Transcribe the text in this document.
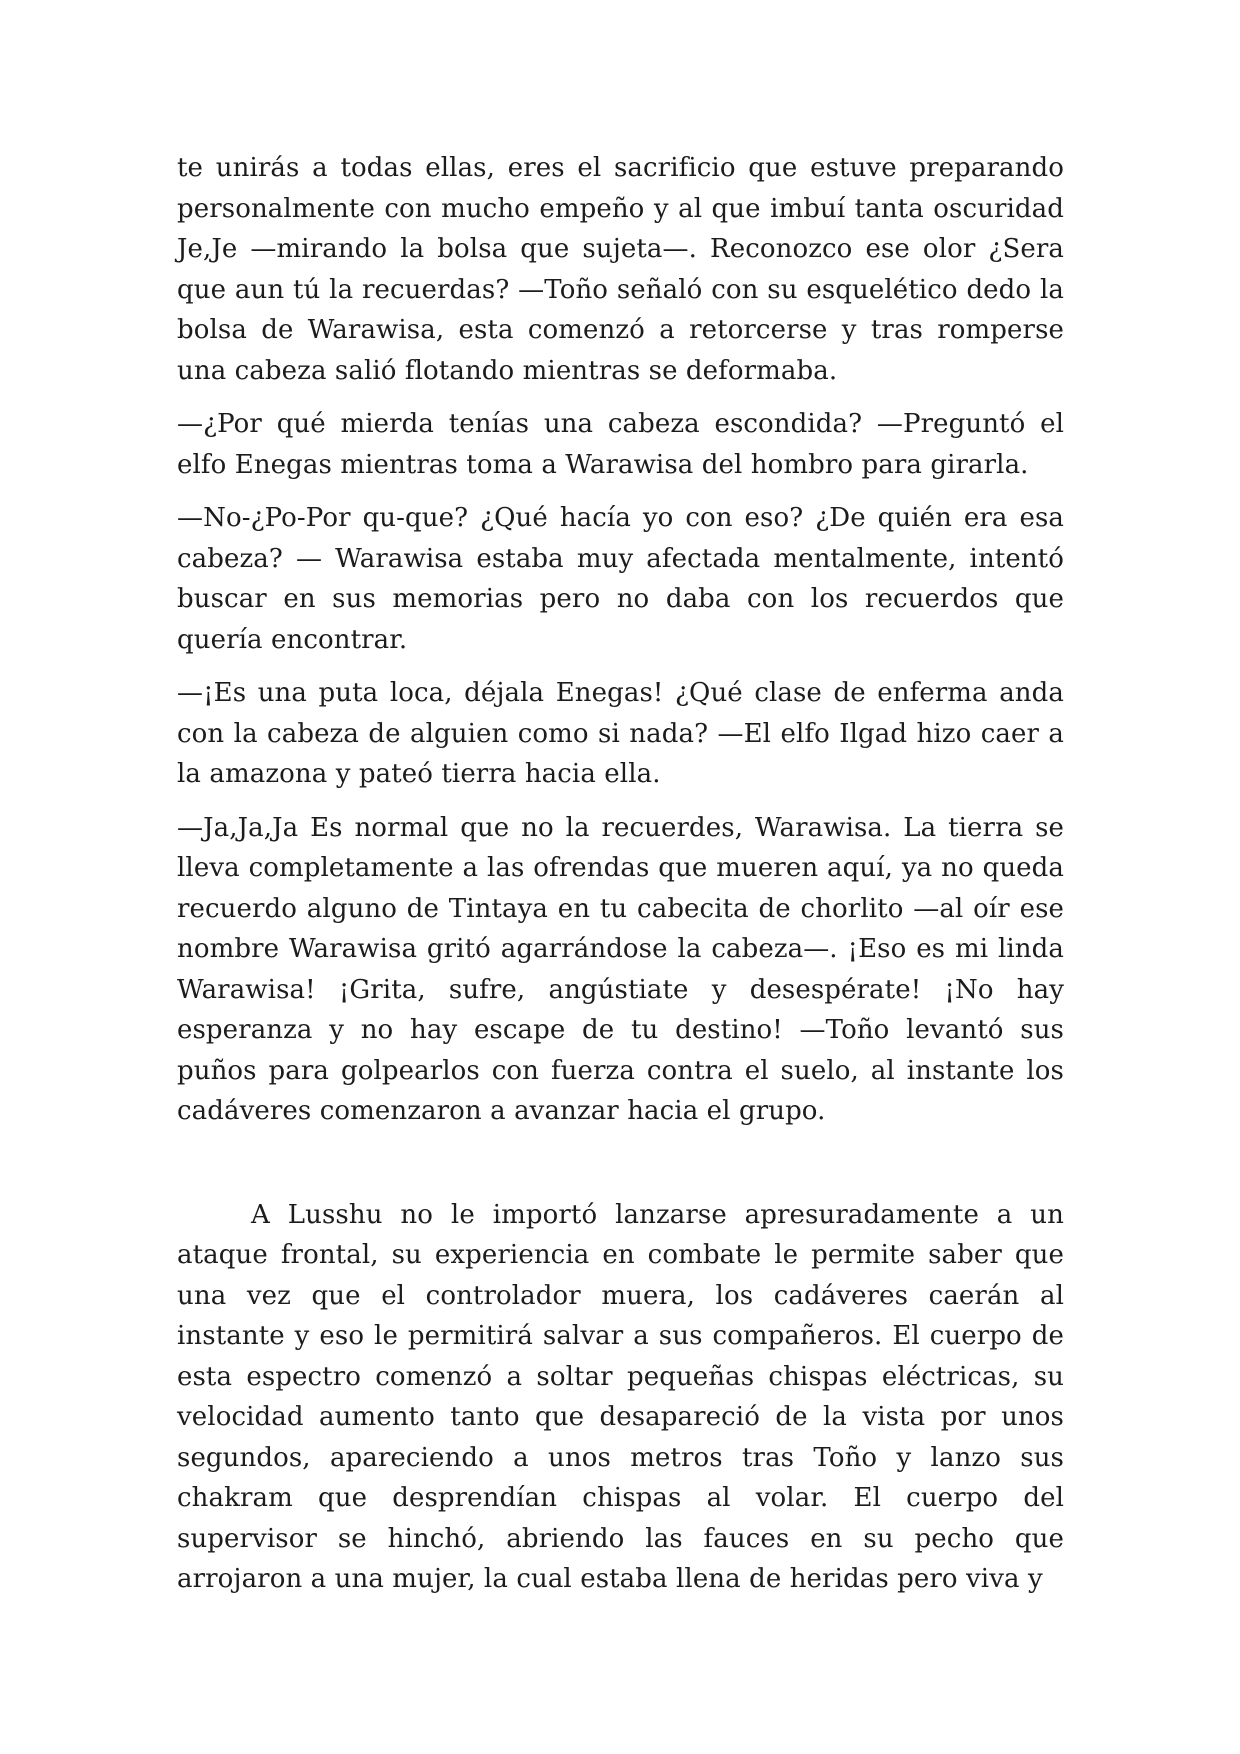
te unirás a todas ellas, eres el sacrificio que estuve preparando personalmente con mucho empeño y al que imbuí tanta oscuridad Je,Je —mirando la bolsa que sujeta—. Reconozco ese olor ¿Sera que aun tú la recuerdas? —Toño señaló con su esquelético dedo la bolsa de Warawisa, esta comenzó a retorcerse y tras romperse una cabeza salió flotando mientras se deformaba.

—¿Por qué mierda tenías una cabeza escondida? —Preguntó el elfo Enegas mientras toma a Warawisa del hombro para girarla.

—No-¿Po-Por qu-que? ¿Qué hacía yo con eso? ¿De quién era esa cabeza? — Warawisa estaba muy afectada mentalmente, intentó buscar en sus memorias pero no daba con los recuerdos que quería encontrar.

—¡Es una puta loca, déjala Enegas! ¿Qué clase de enferma anda con la cabeza de alguien como si nada? —El elfo Ilgad hizo caer a la amazona y pateó tierra hacia ella.

—Ja,Ja,Ja Es normal que no la recuerdes, Warawisa. La tierra se lleva completamente a las ofrendas que mueren aquí, ya no queda recuerdo alguno de Tintaya en tu cabecita de chorlito —al oír ese nombre Warawisa gritó agarrándose la cabeza—. ¡Eso es mi linda Warawisa! ¡Grita, sufre, angústiate y desespérate! ¡No hay esperanza y no hay escape de tu destino! —Toño levantó sus puños para golpearlos con fuerza contra el suelo, al instante los cadáveres comenzaron a avanzar hacia el grupo.

A Lusshu no le importó lanzarse apresuradamente a un ataque frontal, su experiencia en combate le permite saber que una vez que el controlador muera, los cadáveres caerán al instante y eso le permitirá salvar a sus compañeros. El cuerpo de esta espectro comenzó a soltar pequeñas chispas eléctricas, su velocidad aumento tanto que desapareció de la vista por unos segundos, apareciendo a unos metros tras Toño y lanzo sus chakram que desprendían chispas al volar. El cuerpo del supervisor se hinchó, abriendo las fauces en su pecho que arrojaron a una mujer, la cual estaba llena de heridas pero viva y
